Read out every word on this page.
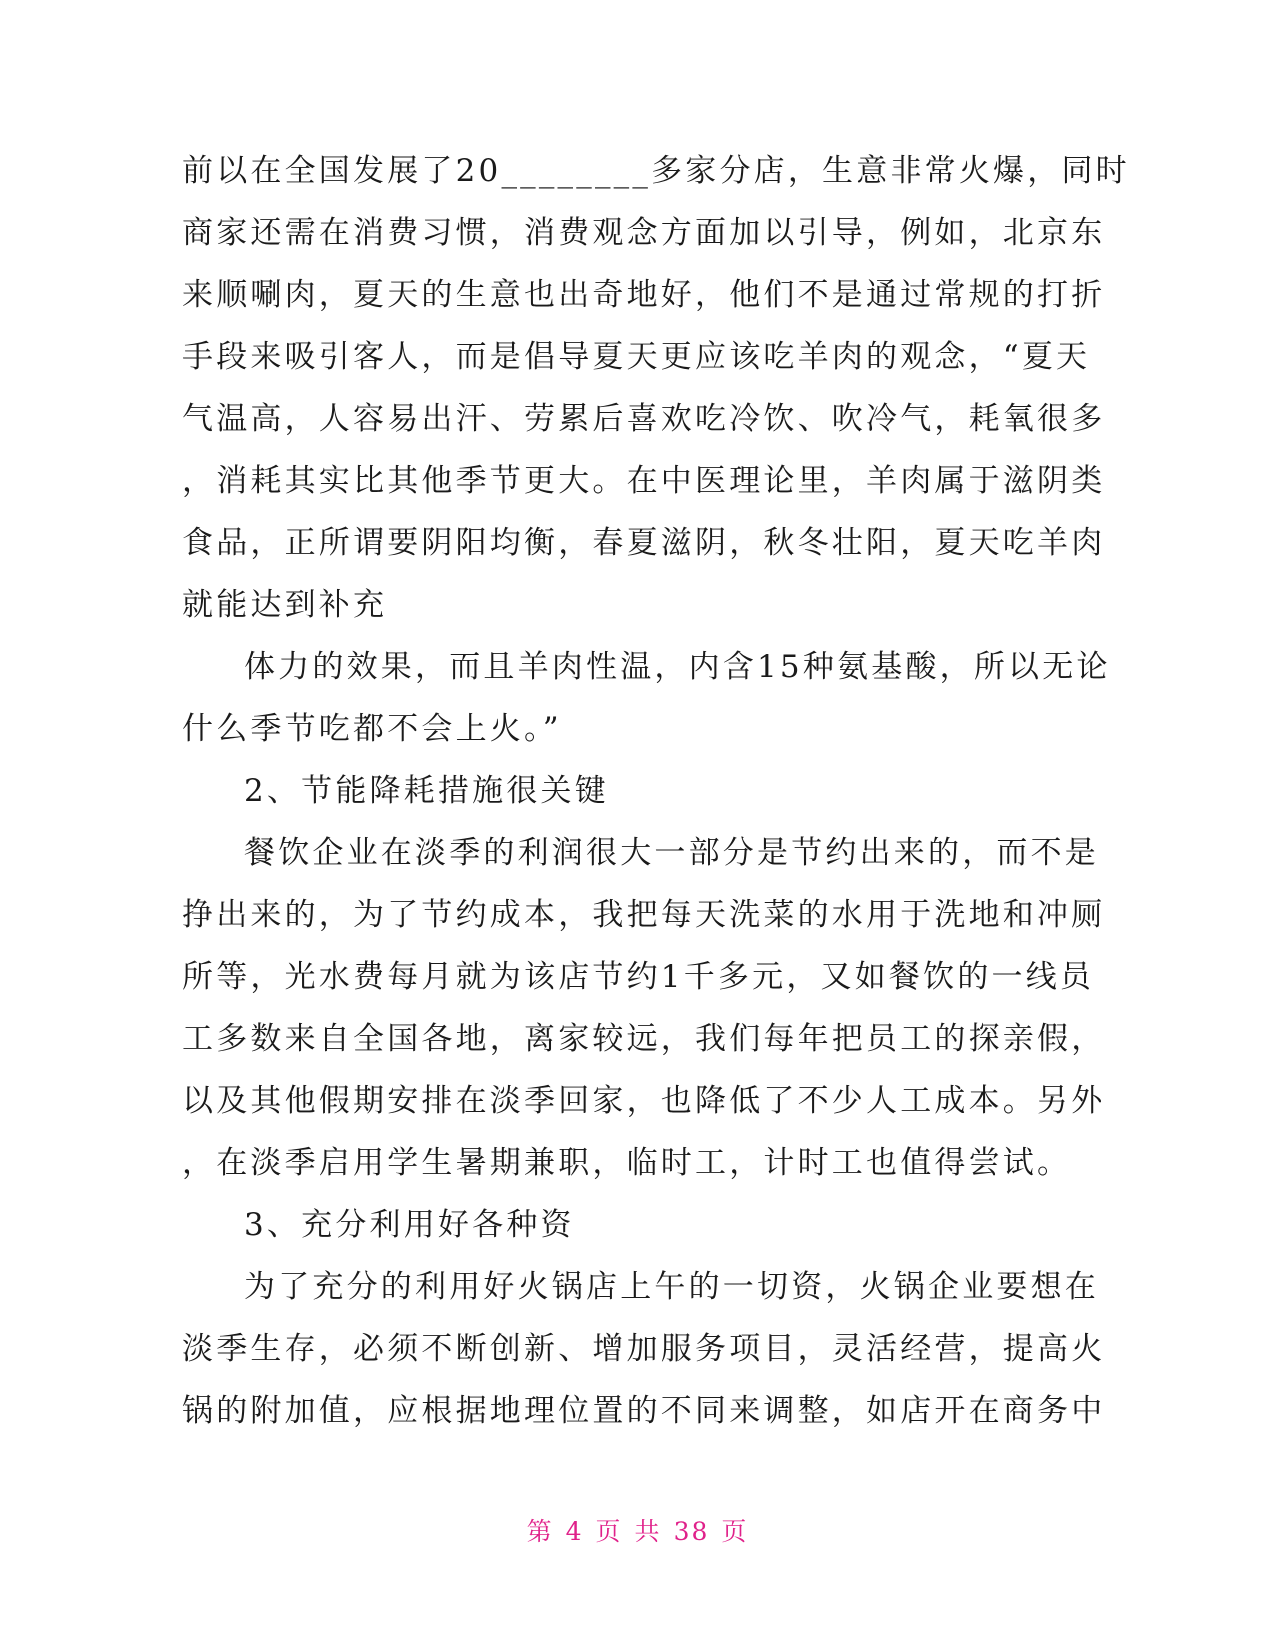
前以在全国发展了20________多家分店，生意非常火爆，同时
商家还需在消费习惯，消费观念方面加以引导，例如，北京东
来顺唰肉，夏天的生意也出奇地好，他们不是通过常规的打折
手段来吸引客人，而是倡导夏天更应该吃羊肉的观念，“夏天
气温高，人容易出汗、劳累后喜欢吃冷饮、吹冷气，耗氧很多
，消耗其实比其他季节更大。在中医理论里，羊肉属于滋阴类
食品，正所谓要阴阳均衡，春夏滋阴，秋冬壮阳，夏天吃羊肉
就能达到补充
体力的效果，而且羊肉性温，内含15种氨基酸，所以无论
什么季节吃都不会上火。”
2、节能降耗措施很关键
餐饮企业在淡季的利润很大一部分是节约出来的，而不是
挣出来的，为了节约成本，我把每天洗菜的水用于洗地和冲厕
所等，光水费每月就为该店节约1千多元，又如餐饮的一线员
工多数来自全国各地，离家较远，我们每年把员工的探亲假，
以及其他假期安排在淡季回家，也降低了不少人工成本。另外
，在淡季启用学生暑期兼职，临时工，计时工也值得尝试。
3、充分利用好各种资
为了充分的利用好火锅店上午的一切资，火锅企业要想在
淡季生存，必须不断创新、增加服务项目，灵活经营，提高火
锅的附加值，应根据地理位置的不同来调整，如店开在商务中
第 4 页 共 38 页
